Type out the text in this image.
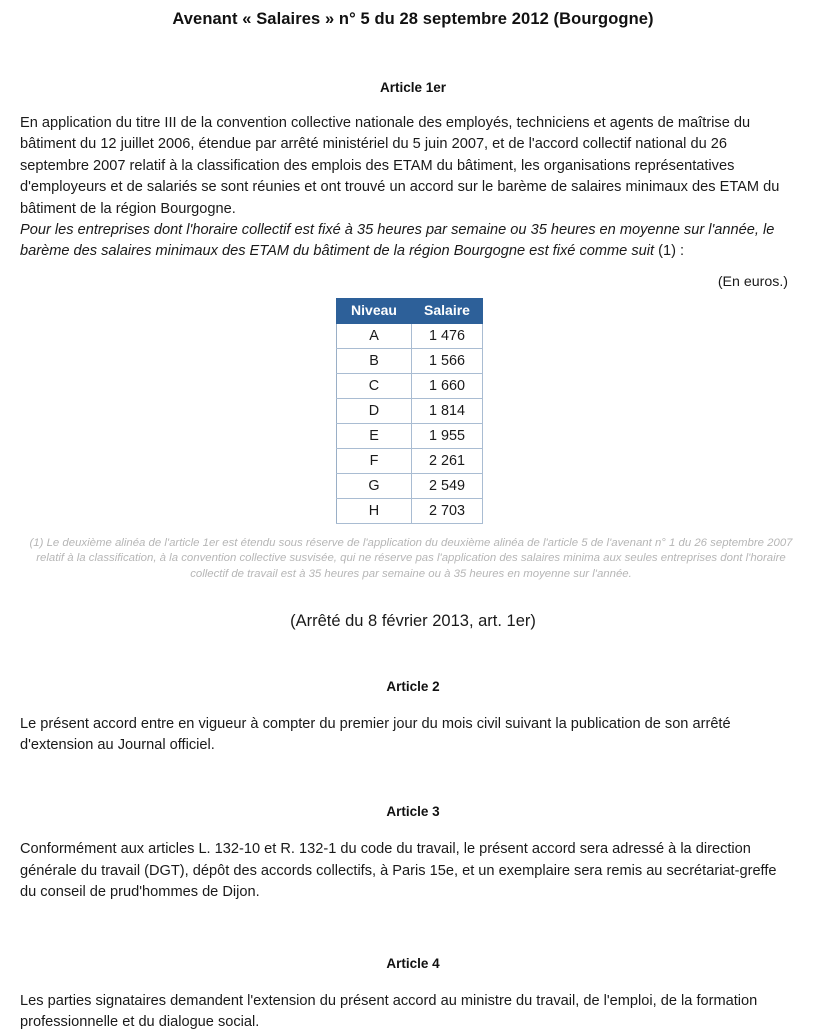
Avenant « Salaires » n° 5 du 28 septembre 2012 (Bourgogne)
Article 1er

En application du titre III de la convention collective nationale des employés, techniciens et agents de maîtrise du bâtiment du 12 juillet 2006, étendue par arrêté ministériel du 5 juin 2007, et de l'accord collectif national du 26 septembre 2007 relatif à la classification des emplois des ETAM du bâtiment, les organisations représentatives d'employeurs et de salariés se sont réunies et ont trouvé un accord sur le barème de salaires minimaux des ETAM du bâtiment de la région Bourgogne.

Pour les entreprises dont l'horaire collectif est fixé à 35 heures par semaine ou 35 heures en moyenne sur l'année, le barème des salaires minimaux des ETAM du bâtiment de la région Bourgogne est fixé comme suit (1) :

(En euros.)

Niveau	Salaire
A	1 476
B	1 566
C	1 660
D	1 814
E	1 955
F	2 261
G	2 549
H	2 703

(1) Le deuxième alinéa de l'article 1er est étendu sous réserve de l'application du deuxième alinéa de l'article 5 de l'avenant n° 1 du 26 septembre 2007 relatif à la classification, à la convention collective susvisée, qui ne réserve pas l'application des salaires minima aux seules entreprises dont l'horaire collectif de travail est à 35 heures par semaine ou à 35 heures en moyenne sur l'année.

(Arrêté du 8 février 2013, art. 1er)

Article 2

Le présent accord entre en vigueur à compter du premier jour du mois civil suivant la publication de son arrêté d'extension au Journal officiel.

Article 3

Conformément aux articles L. 132-10 et R. 132-1 du code du travail, le présent accord sera adressé à la direction générale du travail (DGT), dépôt des accords collectifs, à Paris 15e, et un exemplaire sera remis au secrétariat-greffe du conseil de prud'hommes de Dijon.

Article 4

Les parties signataires demandent l'extension du présent accord au ministre du travail, de l'emploi, de la formation professionnelle et du dialogue social.
